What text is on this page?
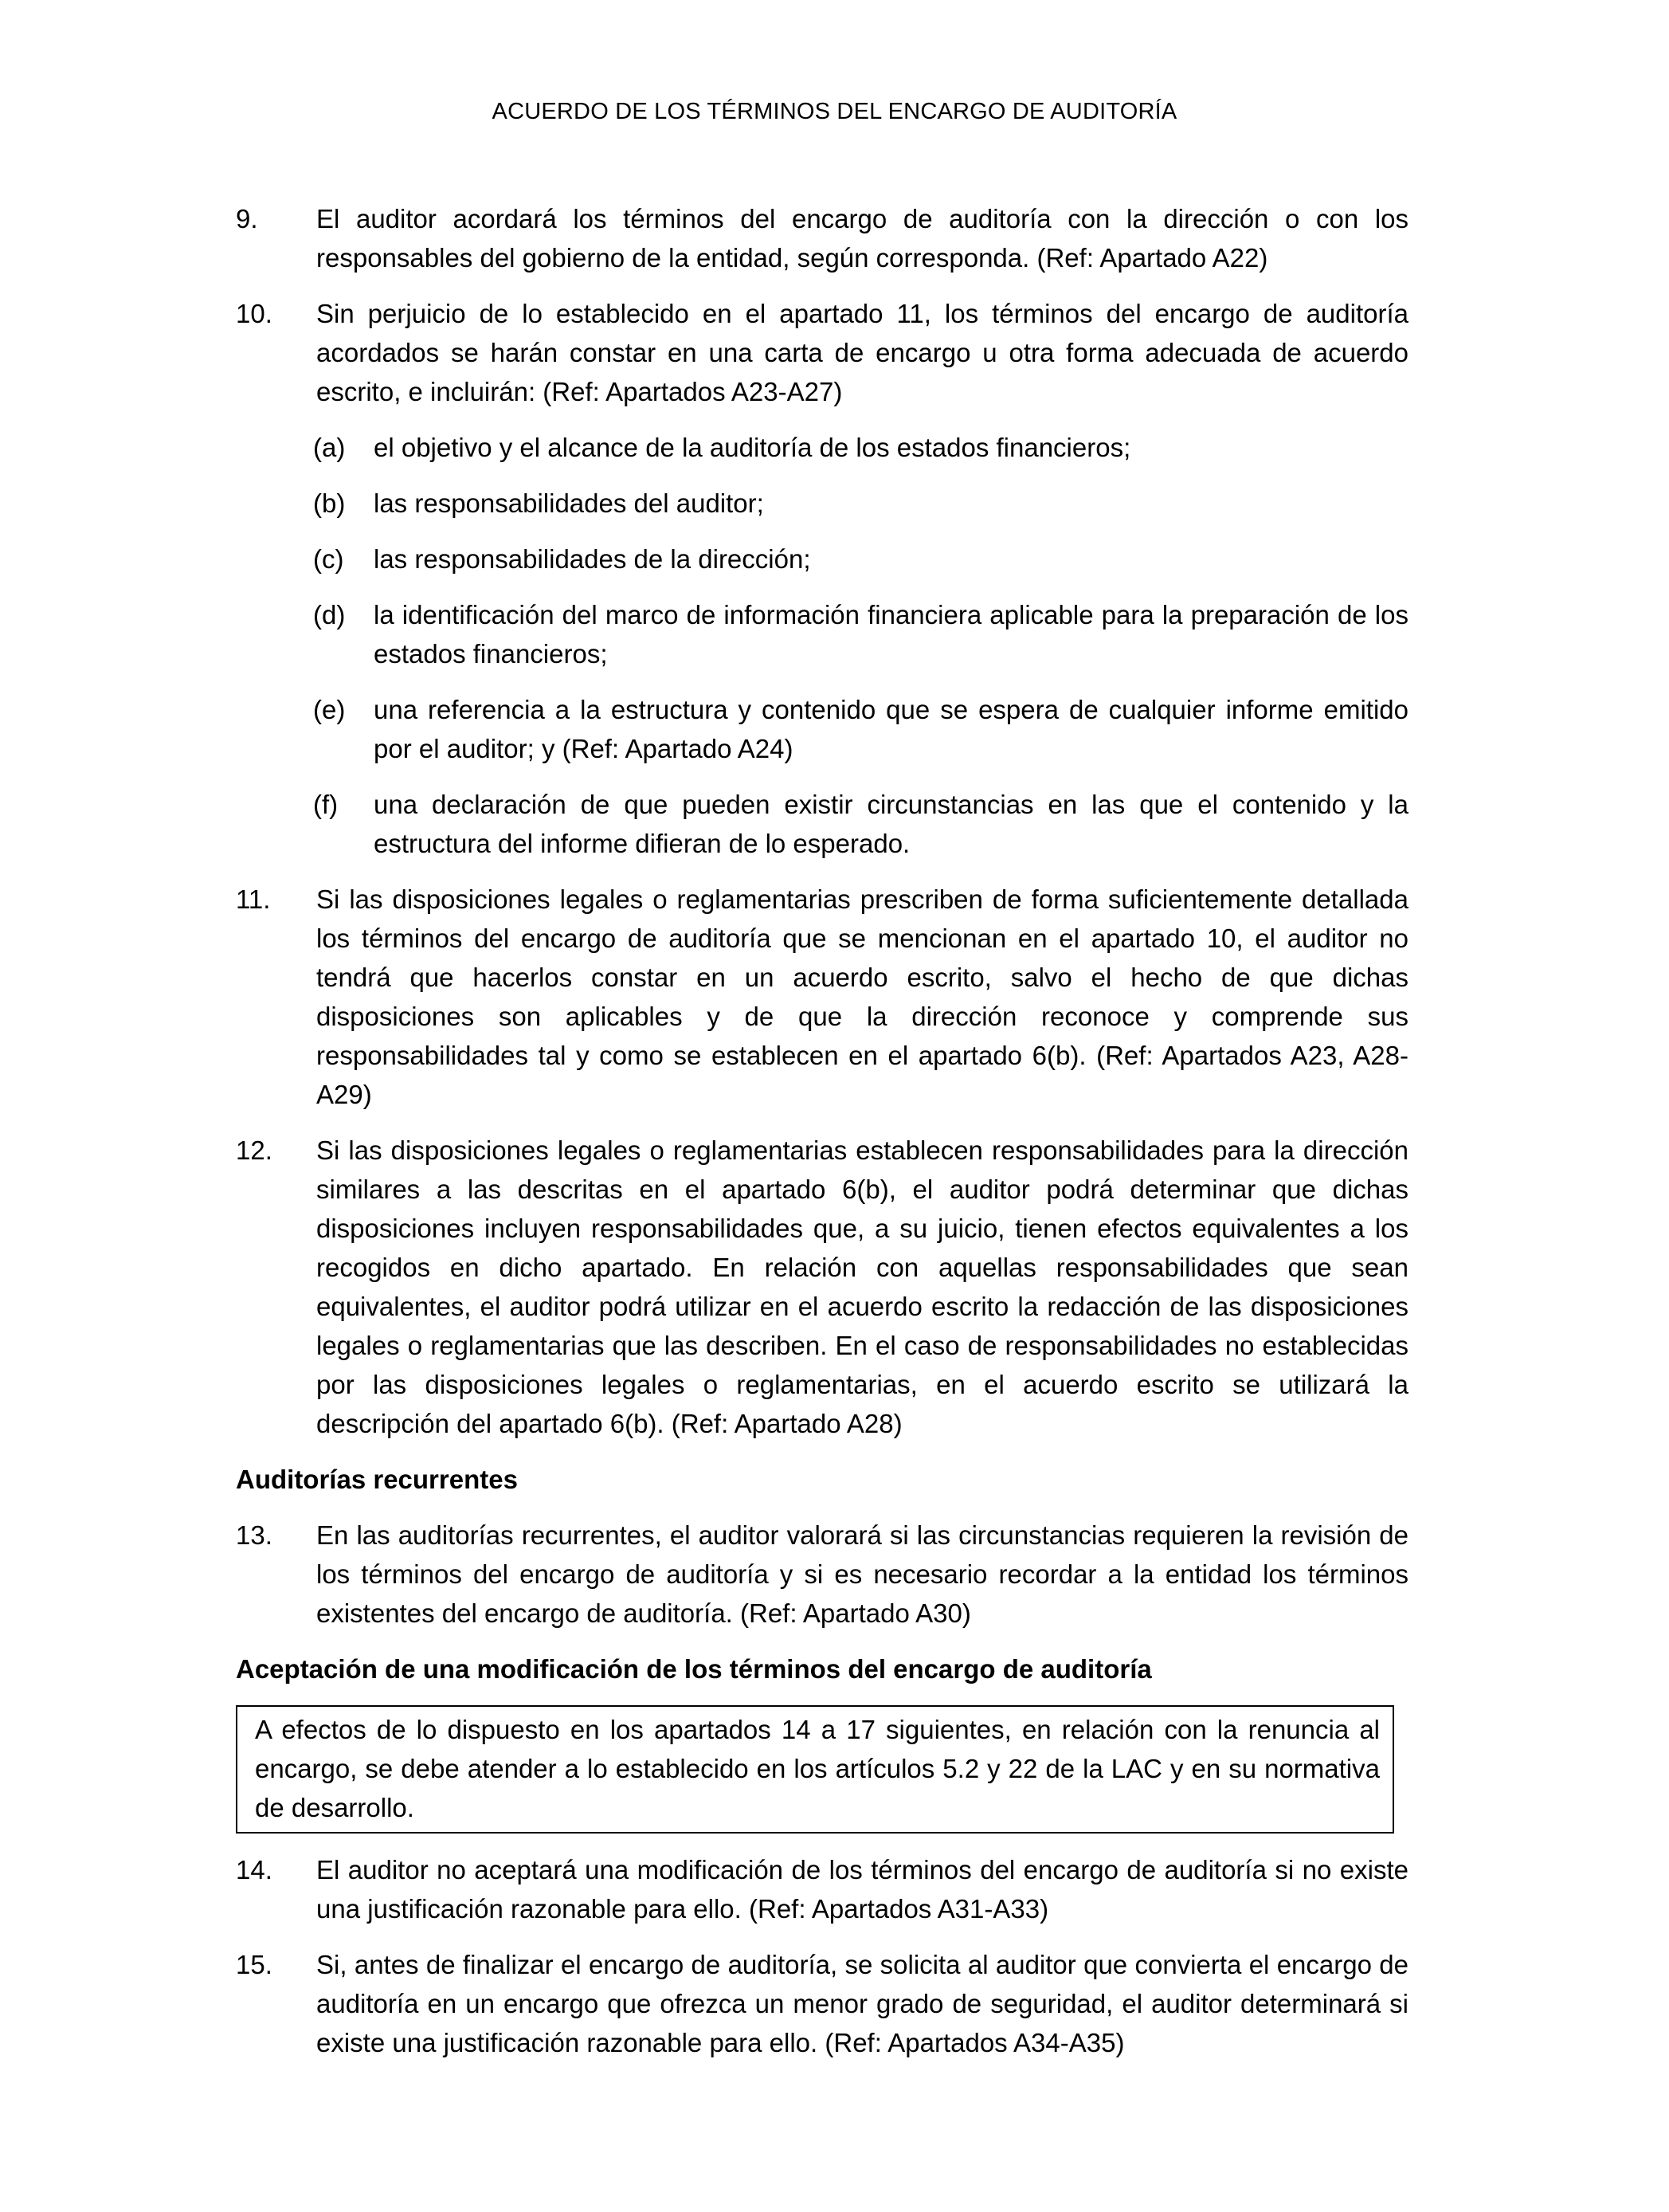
ACUERDO DE LOS TÉRMINOS DEL ENCARGO DE AUDITORÍA
9. El auditor acordará los términos del encargo de auditoría con la dirección o con los responsables del gobierno de la entidad, según corresponda. (Ref: Apartado A22)
10. Sin perjuicio de lo establecido en el apartado 11, los términos del encargo de auditoría acordados se harán constar en una carta de encargo u otra forma adecuada de acuerdo escrito, e incluirán: (Ref: Apartados A23-A27)
(a) el objetivo y el alcance de la auditoría de los estados financieros;
(b) las responsabilidades del auditor;
(c) las responsabilidades de la dirección;
(d) la identificación del marco de información financiera aplicable para la preparación de los estados financieros;
(e) una referencia a la estructura y contenido que se espera de cualquier informe emitido por el auditor; y (Ref: Apartado A24)
(f) una declaración de que pueden existir circunstancias en las que el contenido y la estructura del informe difieran de lo esperado.
11. Si las disposiciones legales o reglamentarias prescriben de forma suficientemente detallada los términos del encargo de auditoría que se mencionan en el apartado 10, el auditor no tendrá que hacerlos constar en un acuerdo escrito, salvo el hecho de que dichas disposiciones son aplicables y de que la dirección reconoce y comprende sus responsabilidades tal y como se establecen en el apartado 6(b). (Ref: Apartados A23, A28-A29)
12. Si las disposiciones legales o reglamentarias establecen responsabilidades para la dirección similares a las descritas en el apartado 6(b), el auditor podrá determinar que dichas disposiciones incluyen responsabilidades que, a su juicio, tienen efectos equivalentes a los recogidos en dicho apartado. En relación con aquellas responsabilidades que sean equivalentes, el auditor podrá utilizar en el acuerdo escrito la redacción de las disposiciones legales o reglamentarias que las describen. En el caso de responsabilidades no establecidas por las disposiciones legales o reglamentarias, en el acuerdo escrito se utilizará la descripción del apartado 6(b). (Ref: Apartado A28)
Auditorías recurrentes
13. En las auditorías recurrentes, el auditor valorará si las circunstancias requieren la revisión de los términos del encargo de auditoría y si es necesario recordar a la entidad los términos existentes del encargo de auditoría. (Ref: Apartado A30)
Aceptación de una modificación de los términos del encargo de auditoría
A efectos de lo dispuesto en los apartados 14 a 17 siguientes, en relación con la renuncia al encargo, se debe atender a lo establecido en los artículos 5.2 y 22 de la LAC y en su normativa de desarrollo.
14. El auditor no aceptará una modificación de los términos del encargo de auditoría si no existe una justificación razonable para ello. (Ref: Apartados A31-A33)
15. Si, antes de finalizar el encargo de auditoría, se solicita al auditor que convierta el encargo de auditoría en un encargo que ofrezca un menor grado de seguridad, el auditor determinará si existe una justificación razonable para ello. (Ref: Apartados A34-A35)
